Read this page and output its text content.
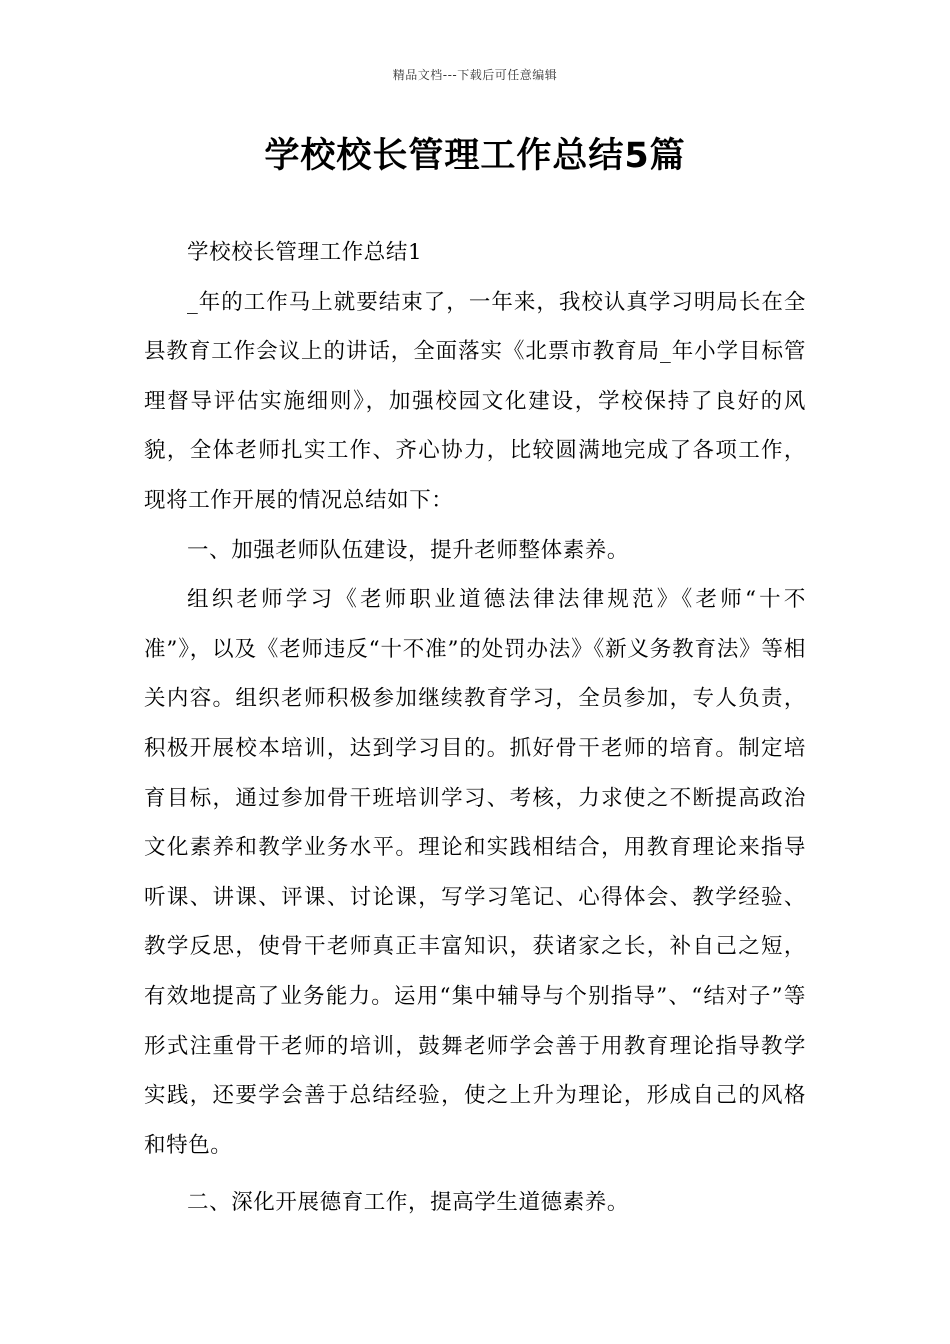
精品文档---下载后可任意编辑
学校校长管理工作总结5篇

学校校长管理工作总结1

_年的工作马上就要结束了，一年来，我校认真学习明局长在全县教育工作会议上的讲话，全面落实《北票市教育局_年小学目标管理督导评估实施细则》，加强校园文化建设，学校保持了良好的风貌，全体老师扎实工作、齐心协力，比较圆满地完成了各项工作，现将工作开展的情况总结如下：

一、加强老师队伍建设，提升老师整体素养。

组织老师学习《老师职业道德法律法律规范》《老师“十不准”》，以及《老师违反“十不准”的处罚办法》《新义务教育法》等相关内容。组织老师积极参加继续教育学习，全员参加，专人负责，积极开展校本培训，达到学习目的。抓好骨干老师的培育。制定培育目标，通过参加骨干班培训学习、考核，力求使之不断提高政治文化素养和教学业务水平。理论和实践相结合，用教育理论来指导听课、讲课、评课、讨论课，写学习笔记、心得体会、教学经验、教学反思，使骨干老师真正丰富知识，获诸家之长，补自己之短，有效地提高了业务能力。运用“集中辅导与个别指导”、“结对子”等形式注重骨干老师的培训，鼓舞老师学会善于用教育理论指导教学实践，还要学会善于总结经验，使之上升为理论，形成自己的风格和特色。

二、深化开展德育工作，提高学生道德素养。
